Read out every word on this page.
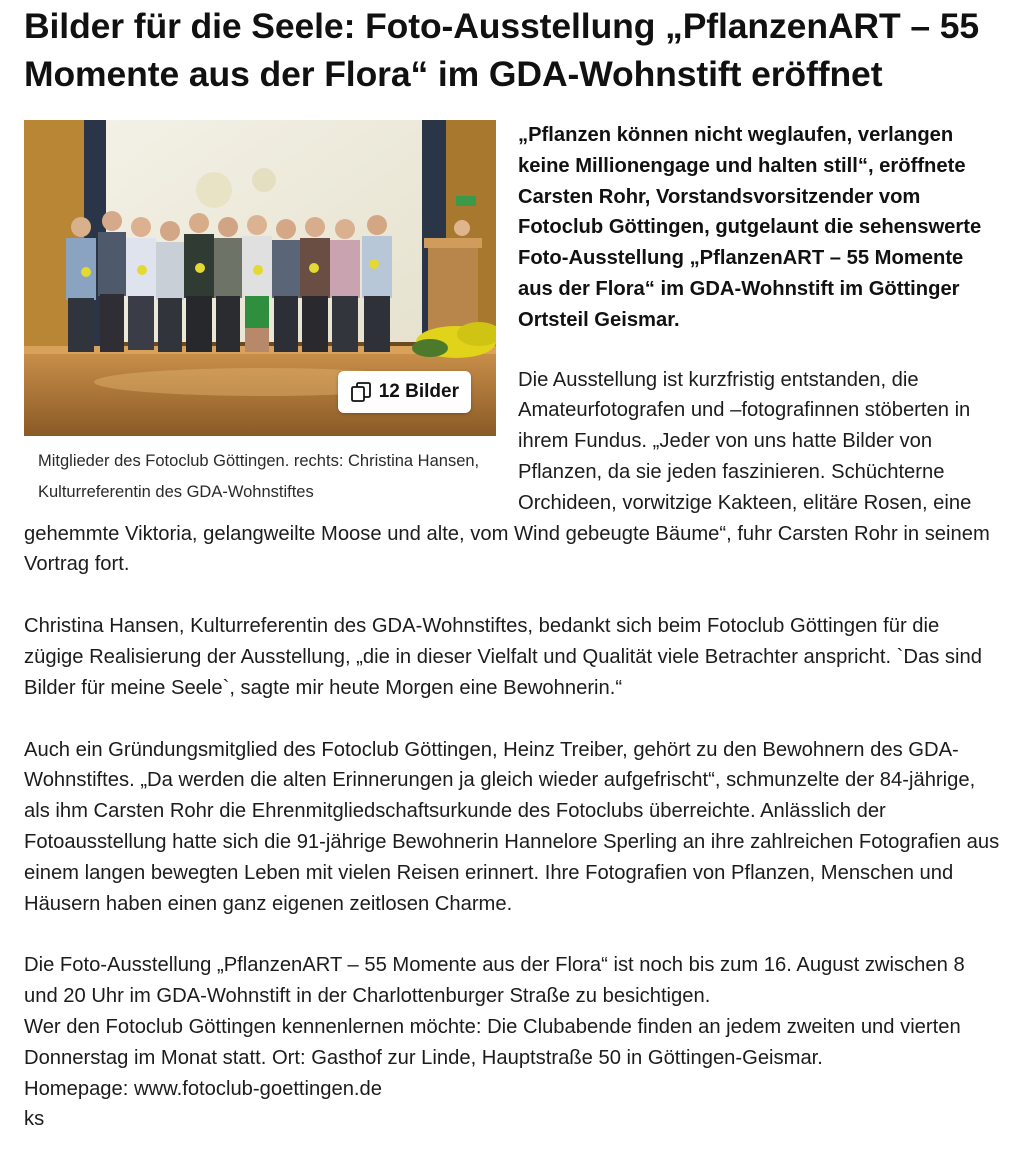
Bilder für die Seele: Foto-Ausstellung „PflanzenART – 55 Momente aus der Flora“ im GDA-Wohnstift eröffnet
12 Bilder

Mitglieder des Fotoclub Göttingen. rechts: Christina Hansen, Kulturreferentin des GDA-Wohnstiftes

„Pflanzen können nicht weglaufen, verlangen keine Millionengage und halten still“, eröffnete Carsten Rohr, Vorstandsvorsitzender vom Fotoclub Göttingen, gutgelaunt die sehenswerte Foto-Ausstellung „PflanzenART – 55 Momente aus der Flora“ im GDA-Wohnstift im Göttinger Ortsteil Geismar.

Die Ausstellung ist kurzfristig entstanden, die Amateurfotografen und –fotografinnen stöberten in ihrem Fundus. „Jeder von uns hatte Bilder von Pflanzen, da sie jeden faszinieren. Schüchterne Orchideen, vorwitzige Kakteen, elitäre Rosen, eine gehemmte Viktoria, gelangweilte Moose und alte, vom Wind gebeugte Bäume“, fuhr Carsten Rohr in seinem Vortrag fort.

Christina Hansen, Kulturreferentin des GDA-Wohnstiftes, bedankt sich beim Fotoclub Göttingen für die zügige Realisierung der Ausstellung, „die in dieser Vielfalt und Qualität viele Betrachter anspricht. `Das sind Bilder für meine Seele`, sagte mir heute Morgen eine Bewohnerin.“

Auch ein Gründungsmitglied des Fotoclub Göttingen, Heinz Treiber, gehört zu den Bewohnern des GDA-Wohnstiftes. „Da werden die alten Erinnerungen ja gleich wieder aufgefrischt“, schmunzelte der 84-jährige, als ihm Carsten Rohr die Ehrenmitgliedschaftsurkunde des Fotoclubs überreichte. Anlässlich der Fotoausstellung hatte sich die 91-jährige Bewohnerin Hannelore Sperling an ihre zahlreichen Fotografien aus einem langen bewegten Leben mit vielen Reisen erinnert. Ihre Fotografien von Pflanzen, Menschen und Häusern haben einen ganz eigenen zeitlosen Charme.

Die Foto-Ausstellung „PflanzenART – 55 Momente aus der Flora“ ist noch bis zum 16. August zwischen 8 und 20 Uhr im GDA-Wohnstift in der Charlottenburger Straße zu besichtigen.

Wer den Fotoclub Göttingen kennenlernen möchte: Die Clubabende finden an jedem zweiten und vierten Donnerstag im Monat statt. Ort: Gasthof zur Linde, Hauptstraße 50 in Göttingen-Geismar.

Homepage: www.fotoclub-goettingen.de

ks
